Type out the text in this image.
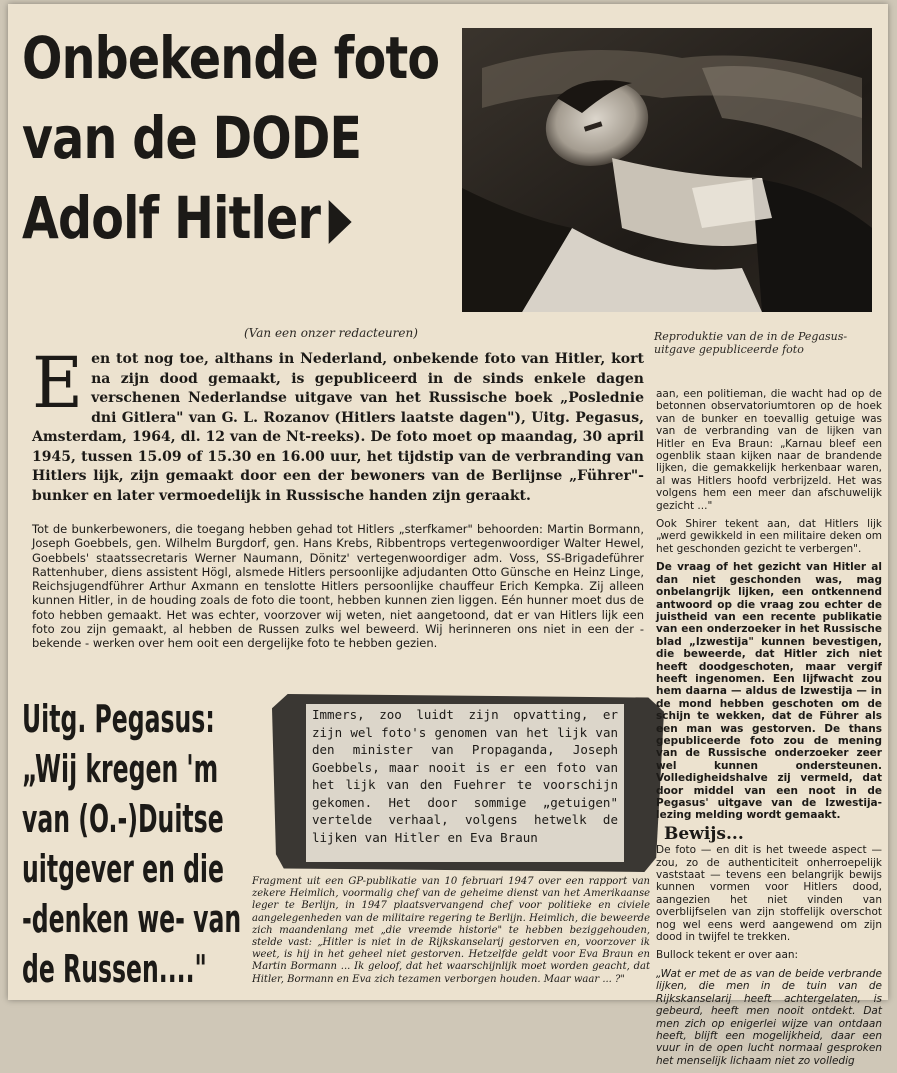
Onbekende foto
van de DODE
Adolf Hitler
(Van een onzer redacteuren)	Reproduktie van de in de Pegasus-uitgave gepubliceerde foto
Een tot nog toe, althans in Nederland, onbekende foto van Hitler, kort na zijn dood gemaakt, is gepubliceerd in de sinds enkele dagen verschenen Nederlandse uitgave van het Russische boek „Poslednie dni Gitlera" van G. L. Rozanov (Hitlers laatste dagen"), Uitg. Pegasus, Amsterdam, 1964, dl. 12 van de Nt-reeks). De foto moet op maandag, 30 april 1945, tussen 15.09 of 15.30 en 16.00 uur, het tijdstip van de verbranding van Hitlers lijk, zijn gemaakt door een der bewoners van de Berlijnse „Führer"-bunker en later vermoedelijk in Russische handen zijn geraakt.
Tot de bunkerbewoners, die toegang hebben gehad tot Hitlers „sterfkamer" behoorden: Martin Bormann, Joseph Goebbels, gen. Wilhelm Burgdorf, gen. Hans Krebs, Ribbentrops vertegenwoordiger Walter Hewel, Goebbels' staatssecretaris Werner Naumann, Dönitz' vertegenwoordiger adm. Voss, SS-Brigadeführer Rattenhuber, diens assistent Högl, alsmede Hitlers persoonlijke adjudanten Otto Günsche en Heinz Linge, Reichsjugendführer Arthur Axmann en tenslotte Hitlers persoonlijke chauffeur Erich Kempka. Zij alleen kunnen Hitler, in de houding zoals de foto die toont, hebben kunnen zien liggen. Eén hunner moet dus de foto hebben gemaakt. Het was echter, voorzover wij weten, niet aangetoond, dat er van Hitlers lijk een foto zou zijn gemaakt, al hebben de Russen zulks wel beweerd. Wij herinneren ons niet in een der - bekende - werken over hem ooit een dergelijke foto te hebben gezien.
Uitg. Pegasus:
„Wij kregen 'm
van (O.-)Duitse
uitgever en die
-denken we- van
de Russen...."
Immers, zoo luidt zijn opvatting, er zijn wel foto's genomen van het lijk van den minister van Propaganda, Joseph Goebbels, maar nooit is er een foto van het lijk van den Fuehrer te voorschijn gekomen. Het door sommige „getuigen" vertelde verhaal, volgens hetwelk de lijken van Hitler en Eva Braun
Fragment uit een GP-publikatie van 10 februari 1947 over een rapport van zekere Heimlich, voormalig chef van de geheime dienst van het Amerikaanse leger te Berlijn, in 1947 plaatsvervangend chef voor politieke en civiele aangelegenheden van de militaire regering te Berlijn. Heimlich, die beweerde zich maandenlang met „die vreemde historie" te hebben beziggehouden, stelde vast: „Hitler is niet in de Rijkskanselarij gestorven en, voorzover ik weet, is hij in het geheel niet gestorven. Hetzelfde geldt voor Eva Braun en Martin Bormann ... Ik geloof, dat het waarschijnlijk moet worden geacht, dat Hitler, Bormann en Eva zich tezamen verborgen houden. Maar waar ... ?"

aan, een politieman, die wacht had op de betonnen observatoriumtoren op de hoek van de bunker en toevallig getuige was van de verbranding van de lijken van Hitler en Eva Braun: „Karnau bleef een ogenblik staan kijken naar de brandende lijken, die gemakkelijk herkenbaar waren, al was Hitlers hoofd verbrijzeld. Het was volgens hem een meer dan afschuwelijk gezicht ..."

Ook Shirer tekent aan, dat Hitlers lijk „werd gewikkeld in een militaire deken om het geschonden gezicht te verbergen".

De vraag of het gezicht van Hitler al dan niet geschonden was, mag onbelangrijk lijken, een ontkennend antwoord op die vraag zou echter de juistheid van een recente publikatie van een onderzoeker in het Russische blad „Izwestija" kunnen bevestigen, die beweerde, dat Hitler zich niet heeft doodgeschoten, maar vergif heeft ingenomen. Een lijfwacht zou hem daarna — aldus de Izwestija — in de mond hebben geschoten om de schijn te wekken, dat de Führer als een man was gestorven. De thans gepubliceerde foto zou de mening van de Russische onderzoeker zeer wel kunnen ondersteunen. Volledigheidshalve zij vermeld, dat door middel van een noot in de Pegasus' uitgave van de Izwestija-lezing melding wordt gemaakt.

Bewijs...

De foto — en dit is het tweede aspect — zou, zo de authenticiteit onherroepelijk vaststaat — tevens een belangrijk bewijs kunnen vormen voor Hitlers dood, aangezien het niet vinden van overblijfselen van zijn stoffelijk overschot nog wel eens werd aangewend om zijn dood in twijfel te trekken.

Bullock tekent er over aan:

„Wat er met de as van de beide verbrande lijken, die men in de tuin van de Rijkskanselarij heeft achtergelaten, is gebeurd, heeft men nooit ontdekt. Dat men zich op enigerlei wijze van ontdaan heeft, blijft een mogelijkheid, daar een vuur in de open lucht normaal gesproken het menselijk lichaam niet zo volledig
